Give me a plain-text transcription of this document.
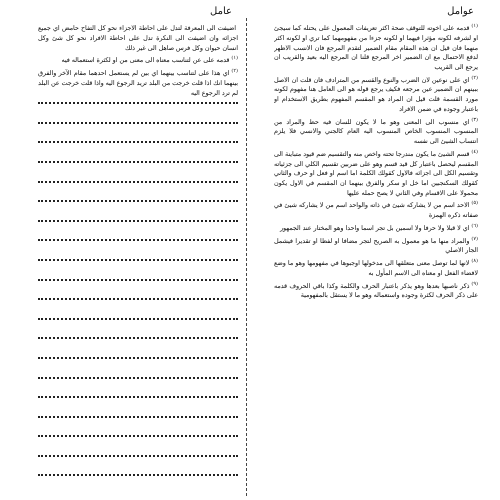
عوامل
عامل

$^{(١)}$قدمه على اخوته للتوقف صحة اكثر تعريفات المعمول على يحتله كما سيجئ او لشرفه لكونه مؤثرا فيهما او لكونه جزءا من مفهومهما كما تري او لكونه اكثر منهما فان قيل ان هذه المقام مقام الضمير لتقدم المرجع فان الانسب الاظهر لدفع الاحتمال مع ان الضمير اخر المرجع قلنا ان المرجع اليه بعيد والقريب ان يرجع الى القريب

$^{(٢)}$اي على نوعين لان الضرب والنوع والقسم من المترادف فان قلت ان الاصل ببينهم ان الضمير عين مرجعه فكيف يرجع قوله هو الى العامل هنا مفهوم لكونه مورد القسمة قلت قيل ان المراد هو المقسم المفهوم بطريق الاستخدام او باعتبار وجوده في ضمن الافراد

$^{(٣)}$اي منسوب الى المعنى وهو ما لا يكون للسان فيه حظ والمراد من المنسوب المنسوب الخاص المنسوب اليه العام كالجني والانسي فلا يلزم انتساب الشيئ الى نفسه

$^{(٤)}$قسم الشيئ ما يكون مندرجا تحته واخص منه والتقسيم ضم قيود متباينة الى المقسم ليحصل باعتبار كل قيد قسم وهو على ضربين تقسيم الكلي الى جزئياته وتقسيم الكل الى اجزائه فالاول كقولك الكلمة اما اسم او فعل او حرف والثاني كقولك السكنجبين اما خل او سكر والفرق بينهما ان المقسم في الاول يكون محمولا على الاقسام وفي الثاني لا يصح حمله عليها

$^{(٥)}$الاحد اسم من لا يشاركه شيئ في ذاته والواحد اسم من لا يشاركه شيئ في صفاته ذكره الهمزة

$^{(٦)}$اي لا قبلا ولا حرفا ولا اسمين بل تجر اسما واحدا وهو المختار عند الجمهور

$^{(٧)}$والمراد منها ما هو معمول به الصريح لتجر مضافا او لفظا او تقديرا فيشمل الجار الاصلي

$^{(٨)}$لانها لما توصل معنى متعلقها الى مدخولها اوجبوها في مفهومها وهو ما وضع لافضاء الفعل او معناه الى الاسم المأول به

$^{(٩)}$ذكر ناصبها بعدها وهو يذكر باعتبار الحرف والكلمة وكذا باقي الحروف قدمه على ذكر الحرف لكثرة وجوده واستعماله وهو ما لا يستقل بالمفهومية

اضيفت الى المعرفة لتدل على احاطة الاجزاء نحو كل التفاح حامض اي جميع اجزائه وان اضيفت الى النكرة تدل على احاطة الافراد نحو كل شئ وكل انسان حيوان وكل فرس صاهل الى غير ذلك

$^{(١)}$قدمه على عن لتناسب معناه الى معنى من او لكثرة استعماله فيه

$^{(٢)}$اي هذا على لتناسب بينهما اي بين لم يستعمل احدهما مقام الآخر والفرق بينهما انك اذا قلت خرجت من البلد تريد الرجوع اليه واذا قلت خرجت عن البلد لم ترد الرجوع اليه
